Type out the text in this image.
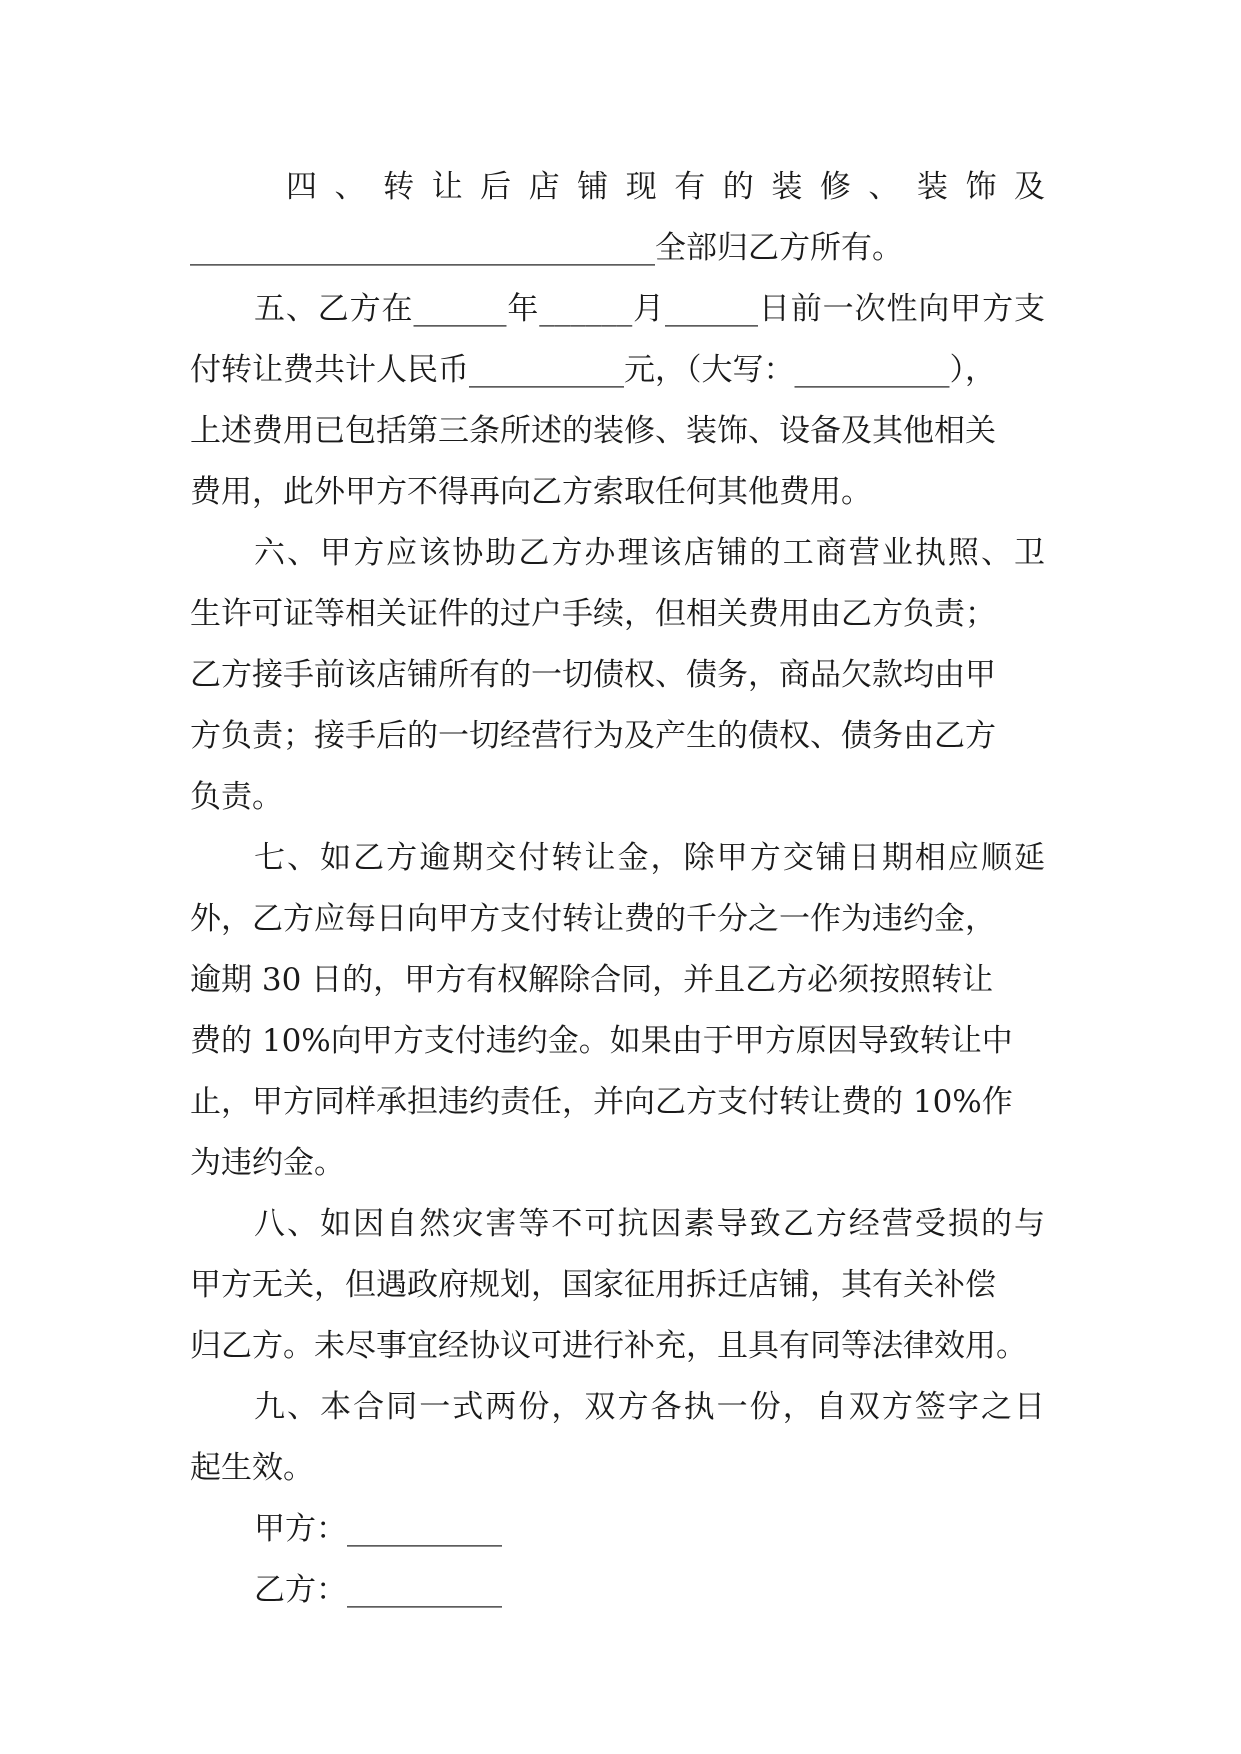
四、转让后店铺现有的装修、装饰及
______________________________全部归乙方所有。
五、乙方在______年______月______日前一次性向甲方支
付转让费共计人民币__________元，（大写：__________），
上述费用已包括第三条所述的装修、装饰、设备及其他相关
费用，此外甲方不得再向乙方索取任何其他费用。
六、甲方应该协助乙方办理该店铺的工商营业执照、卫
生许可证等相关证件的过户手续，但相关费用由乙方负责；
乙方接手前该店铺所有的一切债权、债务，商品欠款均由甲
方负责；接手后的一切经营行为及产生的债权、债务由乙方
负责。
七、如乙方逾期交付转让金，除甲方交铺日期相应顺延
外，乙方应每日向甲方支付转让费的千分之一作为违约金，
逾期 30 日的，甲方有权解除合同，并且乙方必须按照转让
费的 10%向甲方支付违约金。如果由于甲方原因导致转让中
止，甲方同样承担违约责任，并向乙方支付转让费的 10%作
为违约金。
八、如因自然灾害等不可抗因素导致乙方经营受损的与
甲方无关，但遇政府规划，国家征用拆迁店铺，其有关补偿
归乙方。未尽事宜经协议可进行补充，且具有同等法律效用。
九、本合同一式两份，双方各执一份，自双方签字之日
起生效。
甲方：__________
乙方：__________
